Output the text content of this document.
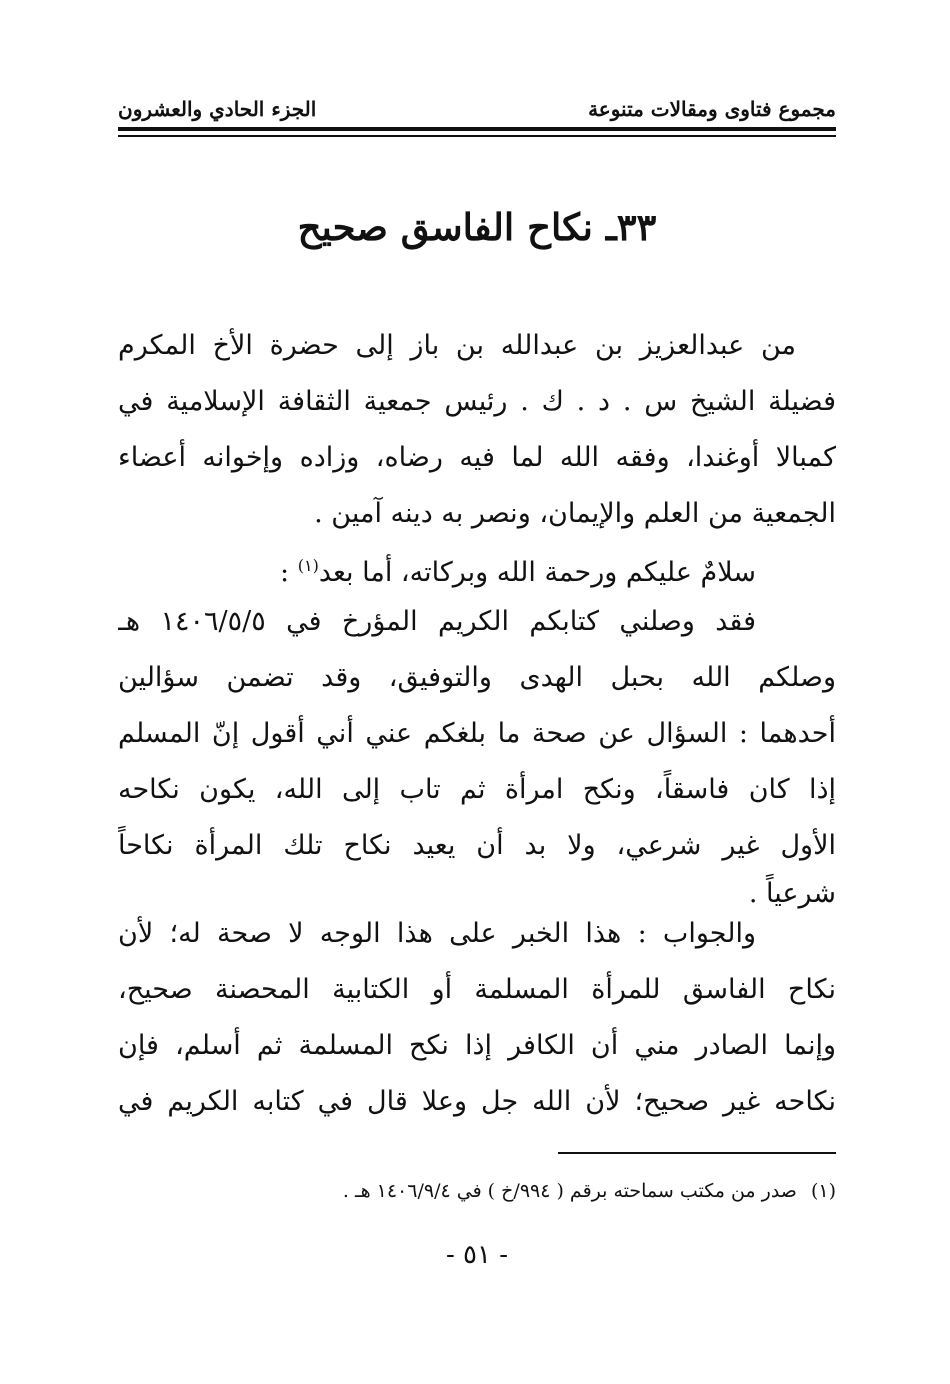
مجموع فتاوى ومقالات متنوعة
الجزء الحادي والعشرون
٣٣ـ نكاح الفاسق صحيح
من عبدالعزيز بن عبدالله بن باز إلى حضرة الأخ المكرم
فضيلة الشيخ س . د . ك . رئيس جمعية الثقافة الإسلامية في
كمبالا أوغندا، وفقه الله لما فيه رضاه، وزاده وإخوانه أعضاء
الجمعية من العلم والإيمان، ونصر به دينه آمين .
سلامٌ عليكم ورحمة الله وبركاته، أما بعد$^{(١)}$ :
فقد وصلني كتابكم الكريم المؤرخ في ١٤٠٦/٥/٥ هـ
وصلكم الله بحبل الهدى والتوفيق، وقد تضمن سؤالين
أحدهما : السؤال عن صحة ما بلغكم عني أني أقول إنّ المسلم
إذا كان فاسقاً، ونكح امرأة ثم تاب إلى الله، يكون نكاحه
الأول غير شرعي، ولا بد أن يعيد نكاح تلك المرأة نكاحاً
شرعياً .
والجواب : هذا الخبر على هذا الوجه لا صحة له؛ لأن
نكاح الفاسق للمرأة المسلمة أو الكتابية المحصنة صحيح،
وإنما الصادر مني أن الكافر إذا نكح المسلمة ثم أسلم، فإن
نكاحه غير صحيح؛ لأن الله جل وعلا قال في كتابه الكريم في
(١)صدر من مكتب سماحته برقم ( ٩٩٤/خ ) في ١٤٠٦/٩/٤ هـ .
- ٥١ -
